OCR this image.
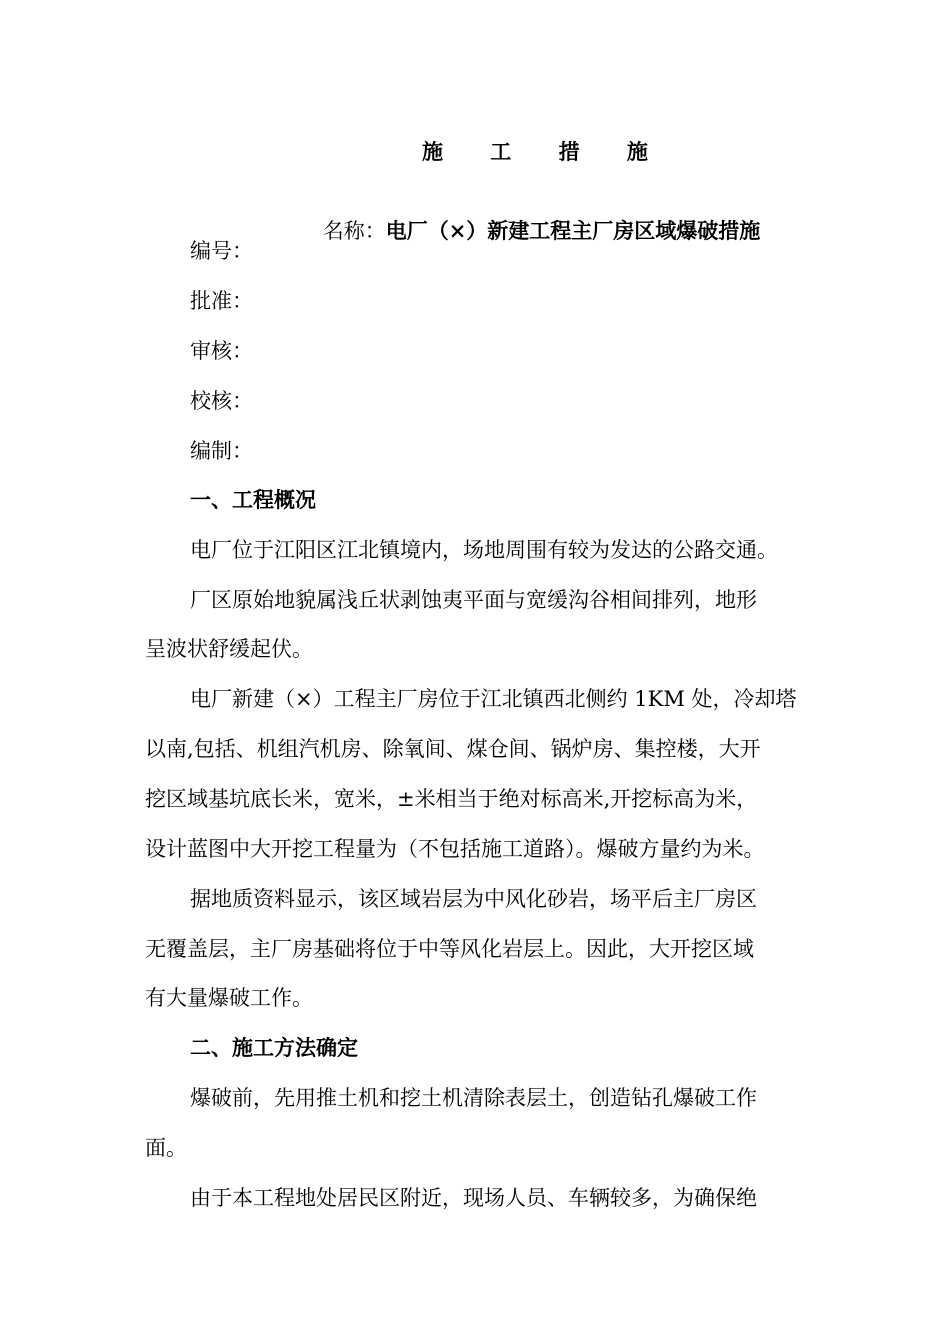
施 工 措 施

名称：电厂（×）新建工程主厂房区域爆破措施

编号：
批准：
审核：
校核：
编制：
一、工程概况
电厂位于江阳区江北镇境内，场地周围有较为发达的公路交通。
厂区原始地貌属浅丘状剥蚀夷平面与宽缓沟谷相间排列，地形
呈波状舒缓起伏。
电厂新建（×）工程主厂房位于江北镇西北侧约 1KM 处，冷却塔
以南,包括、机组汽机房、除氧间、煤仓间、锅炉房、集控楼，大开
挖区域基坑底长米，宽米，±米相当于绝对标高米,开挖标高为米，
设计蓝图中大开挖工程量为（不包括施工道路）。爆破方量约为米。
据地质资料显示，该区域岩层为中风化砂岩，场平后主厂房区
无覆盖层，主厂房基础将位于中等风化岩层上。因此，大开挖区域
有大量爆破工作。
二、施工方法确定
爆破前，先用推土机和挖土机清除表层土，创造钻孔爆破工作
面。
由于本工程地处居民区附近，现场人员、车辆较多，为确保绝
